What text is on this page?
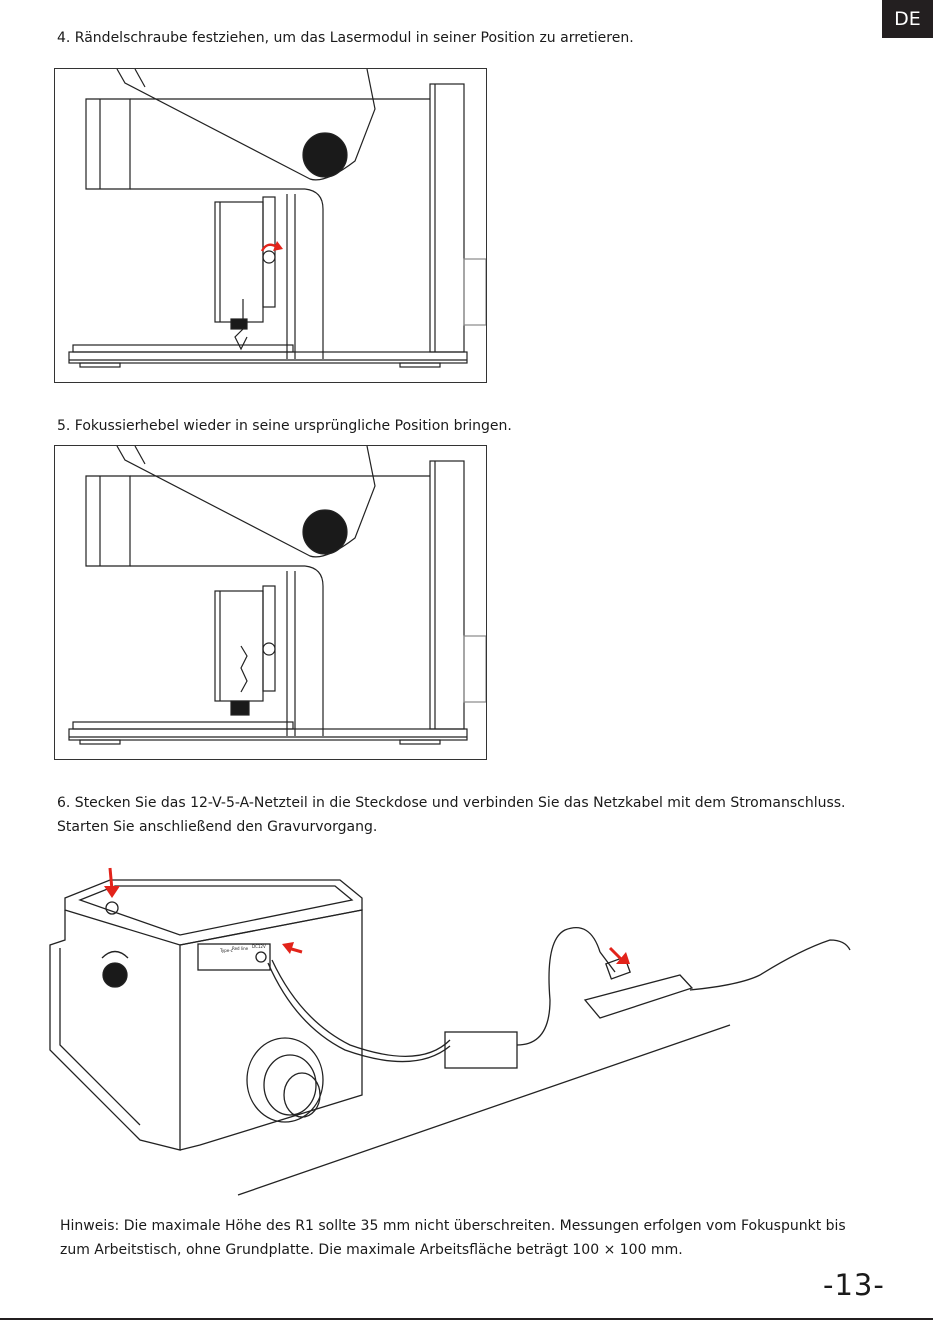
DE
4. Rändelschraube festziehen, um das Lasermodul in seiner Position zu arretieren.
5. Fokussierhebel wieder in seine ursprüngliche Position bringen.
6. Stecken Sie das 12-V-5-A-Netzteil in die Steckdose und verbinden Sie das Netzkabel mit dem Stromanschluss.
Starten Sie anschließend den Gravurvorgang.
Type-c Red line DC12V
Hinweis: Die maximale Höhe des R1 sollte 35 mm nicht überschreiten. Messungen erfolgen vom Fokuspunkt bis
zum Arbeitstisch, ohne Grundplatte. Die maximale Arbeitsfläche beträgt 100 × 100 mm.
-13-
